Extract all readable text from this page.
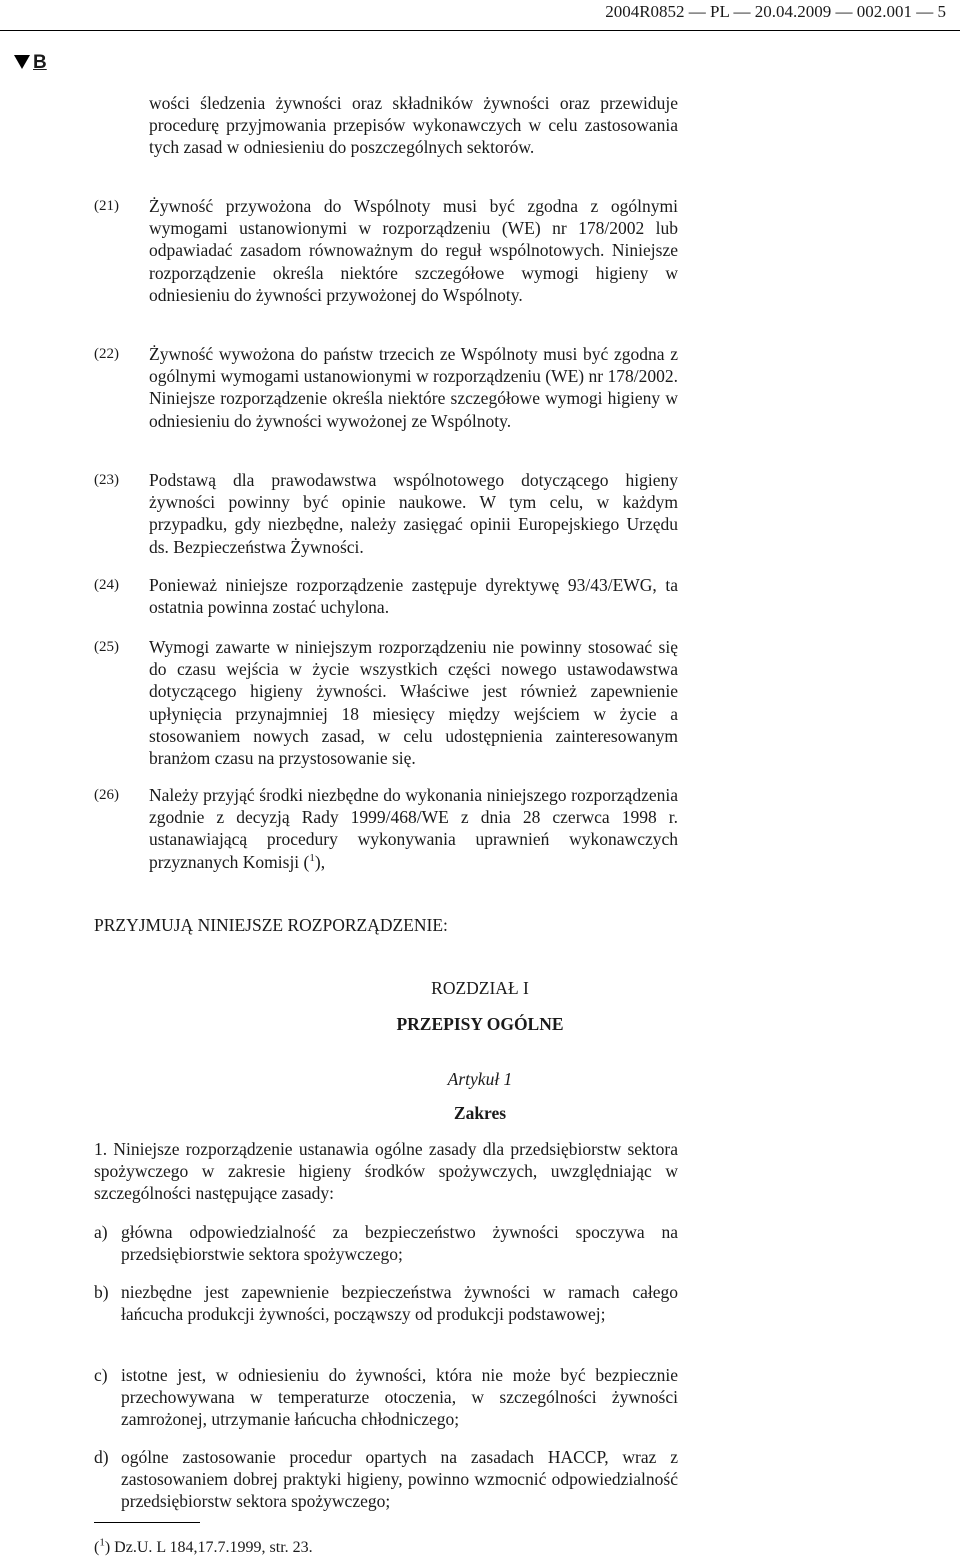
2004R0852 — PL — 20.04.2009 — 002.001 — 5
B
wości śledzenia żywności oraz składników żywności oraz przewiduje procedurę przyjmowania przepisów wykonawczych w celu zastosowania tych zasad w odniesieniu do poszczególnych sektorów.
(21) Żywność przywożona do Wspólnoty musi być zgodna z ogólnymi wymogami ustanowionymi w rozporządzeniu (WE) nr 178/2002 lub odpawiadać zasadom równoważnym do reguł wspólnotowych. Niniejsze rozporządzenie określa niektóre szczegółowe wymogi higieny w odniesieniu do żywności przywożonej do Wspólnoty.
(22) Żywność wywożona do państw trzecich ze Wspólnoty musi być zgodna z ogólnymi wymogami ustanowionymi w rozporządzeniu (WE) nr 178/2002. Niniejsze rozporządzenie określa niektóre szczegółowe wymogi higieny w odniesieniu do żywności wywożonej ze Wspólnoty.
(23) Podstawą dla prawodawstwa wspólnotowego dotyczącego higieny żywności powinny być opinie naukowe. W tym celu, w każdym przypadku, gdy niezbędne, należy zasięgać opinii Europejskiego Urzędu ds. Bezpieczeństwa Żywności.
(24) Ponieważ niniejsze rozporządzenie zastępuje dyrektywę 93/43/EWG, ta ostatnia powinna zostać uchylona.
(25) Wymogi zawarte w niniejszym rozporządzeniu nie powinny stosować się do czasu wejścia w życie wszystkich części nowego ustawodawstwa dotyczącego higieny żywności. Właściwe jest również zapewnienie upłynięcia przynajmniej 18 miesięcy między wejściem w życie a stosowaniem nowych zasad, w celu udostępnienia zainteresowanym branżom czasu na przystosowanie się.
(26) Należy przyjąć środki niezbędne do wykonania niniejszego rozporządzenia zgodnie z decyzją Rady 1999/468/WE z dnia 28 czerwca 1998 r. ustanawiającą procedury wykonywania uprawnień wykonawczych przyznanych Komisji ($^1$),
PRZYJMUJĄ NINIEJSZE ROZPORZĄDZENIE:
ROZDZIAŁ I
PRZEPISY OGÓLNE
Artykuł 1
Zakres
1. Niniejsze rozporządzenie ustanawia ogólne zasady dla przedsiębiorstw sektora spożywczego w zakresie higieny środków spożywczych, uwzględniając w szczególności następujące zasady:
a) główna odpowiedzialność za bezpieczeństwo żywności spoczywa na przedsiębiorstwie sektora spożywczego;
b) niezbędne jest zapewnienie bezpieczeństwa żywności w ramach całego łańcucha produkcji żywności, począwszy od produkcji podstawowej;
c) istotne jest, w odniesieniu do żywności, która nie może być bezpiecznie przechowywana w temperaturze otoczenia, w szczególności żywności zamrożonej, utrzymanie łańcucha chłodniczego;
d) ogólne zastosowanie procedur opartych na zasadach HACCP, wraz z zastosowaniem dobrej praktyki higieny, powinno wzmocnić odpowiedzialność przedsiębiorstw sektora spożywczego;
($^1$) Dz.U. L 184,17.7.1999, str. 23.
